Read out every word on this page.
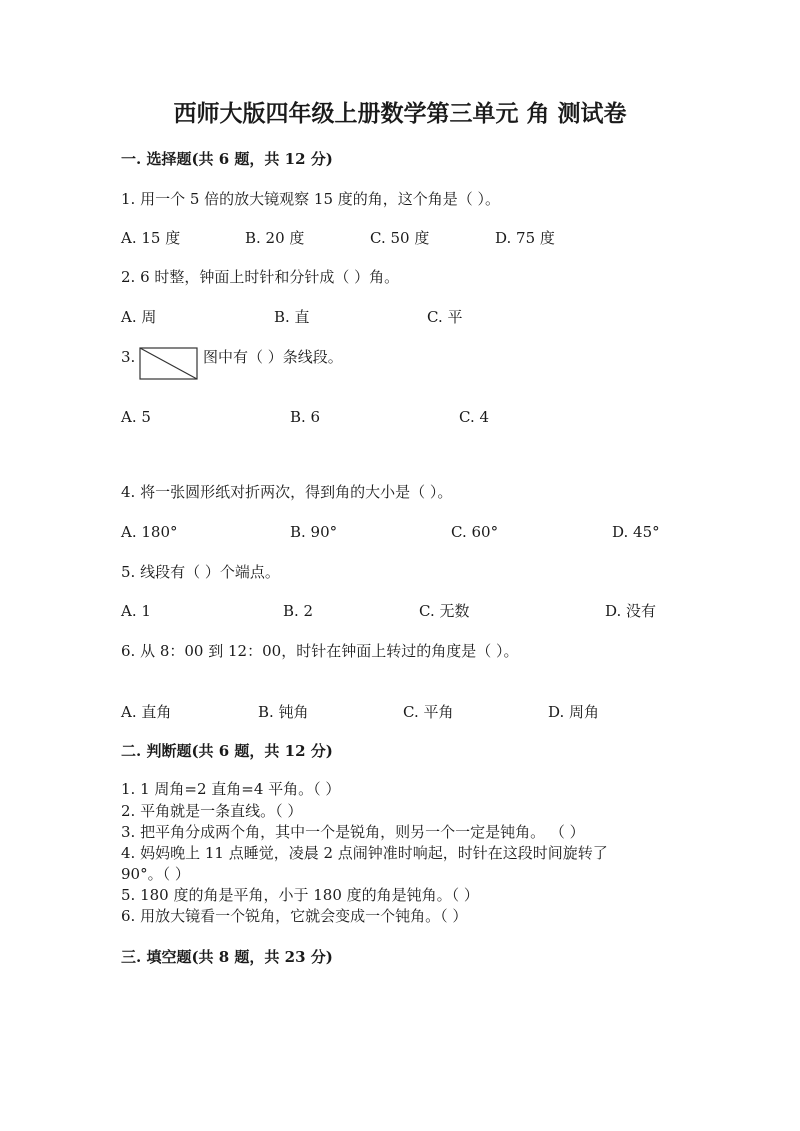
西师大版四年级上册数学第三单元 角 测试卷
一. 选择题(共 6 题，共 12 分)
1. 用一个 5 倍的放大镜观察 15 度的角，这个角是（ ）。
A. 15 度	B. 20 度	C. 50 度	D. 75 度
2. 6 时整，钟面上时针和分针成（ ）角。
A. 周	B. 直	C. 平
3.	图中有（ ）条线段。
A. 5	B. 6	C. 4
4. 将一张圆形纸对折两次，得到角的大小是（ ）。
A. 180°	B. 90°	C. 60°	D. 45°
5. 线段有（ ）个端点。
A. 1	B. 2	C. 无数	D. 没有
6. 从 8：00 到 12：00，时针在钟面上转过的角度是（ ）。
A. 直角	B. 钝角	C. 平角	D. 周角
二. 判断题(共 6 题，共 12 分)
1. 1 周角=2 直角=4 平角。（ ）
2. 平角就是一条直线。（ ）
3. 把平角分成两个角，其中一个是锐角，则另一个一定是钝角。 （ ）
4. 妈妈晚上 11 点睡觉，凌晨 2 点闹钟准时响起，时针在这段时间旋转了
90°。（ ）
5. 180 度的角是平角，小于 180 度的角是钝角。（ ）
6. 用放大镜看一个锐角，它就会变成一个钝角。（ ）
三. 填空题(共 8 题，共 23 分)
